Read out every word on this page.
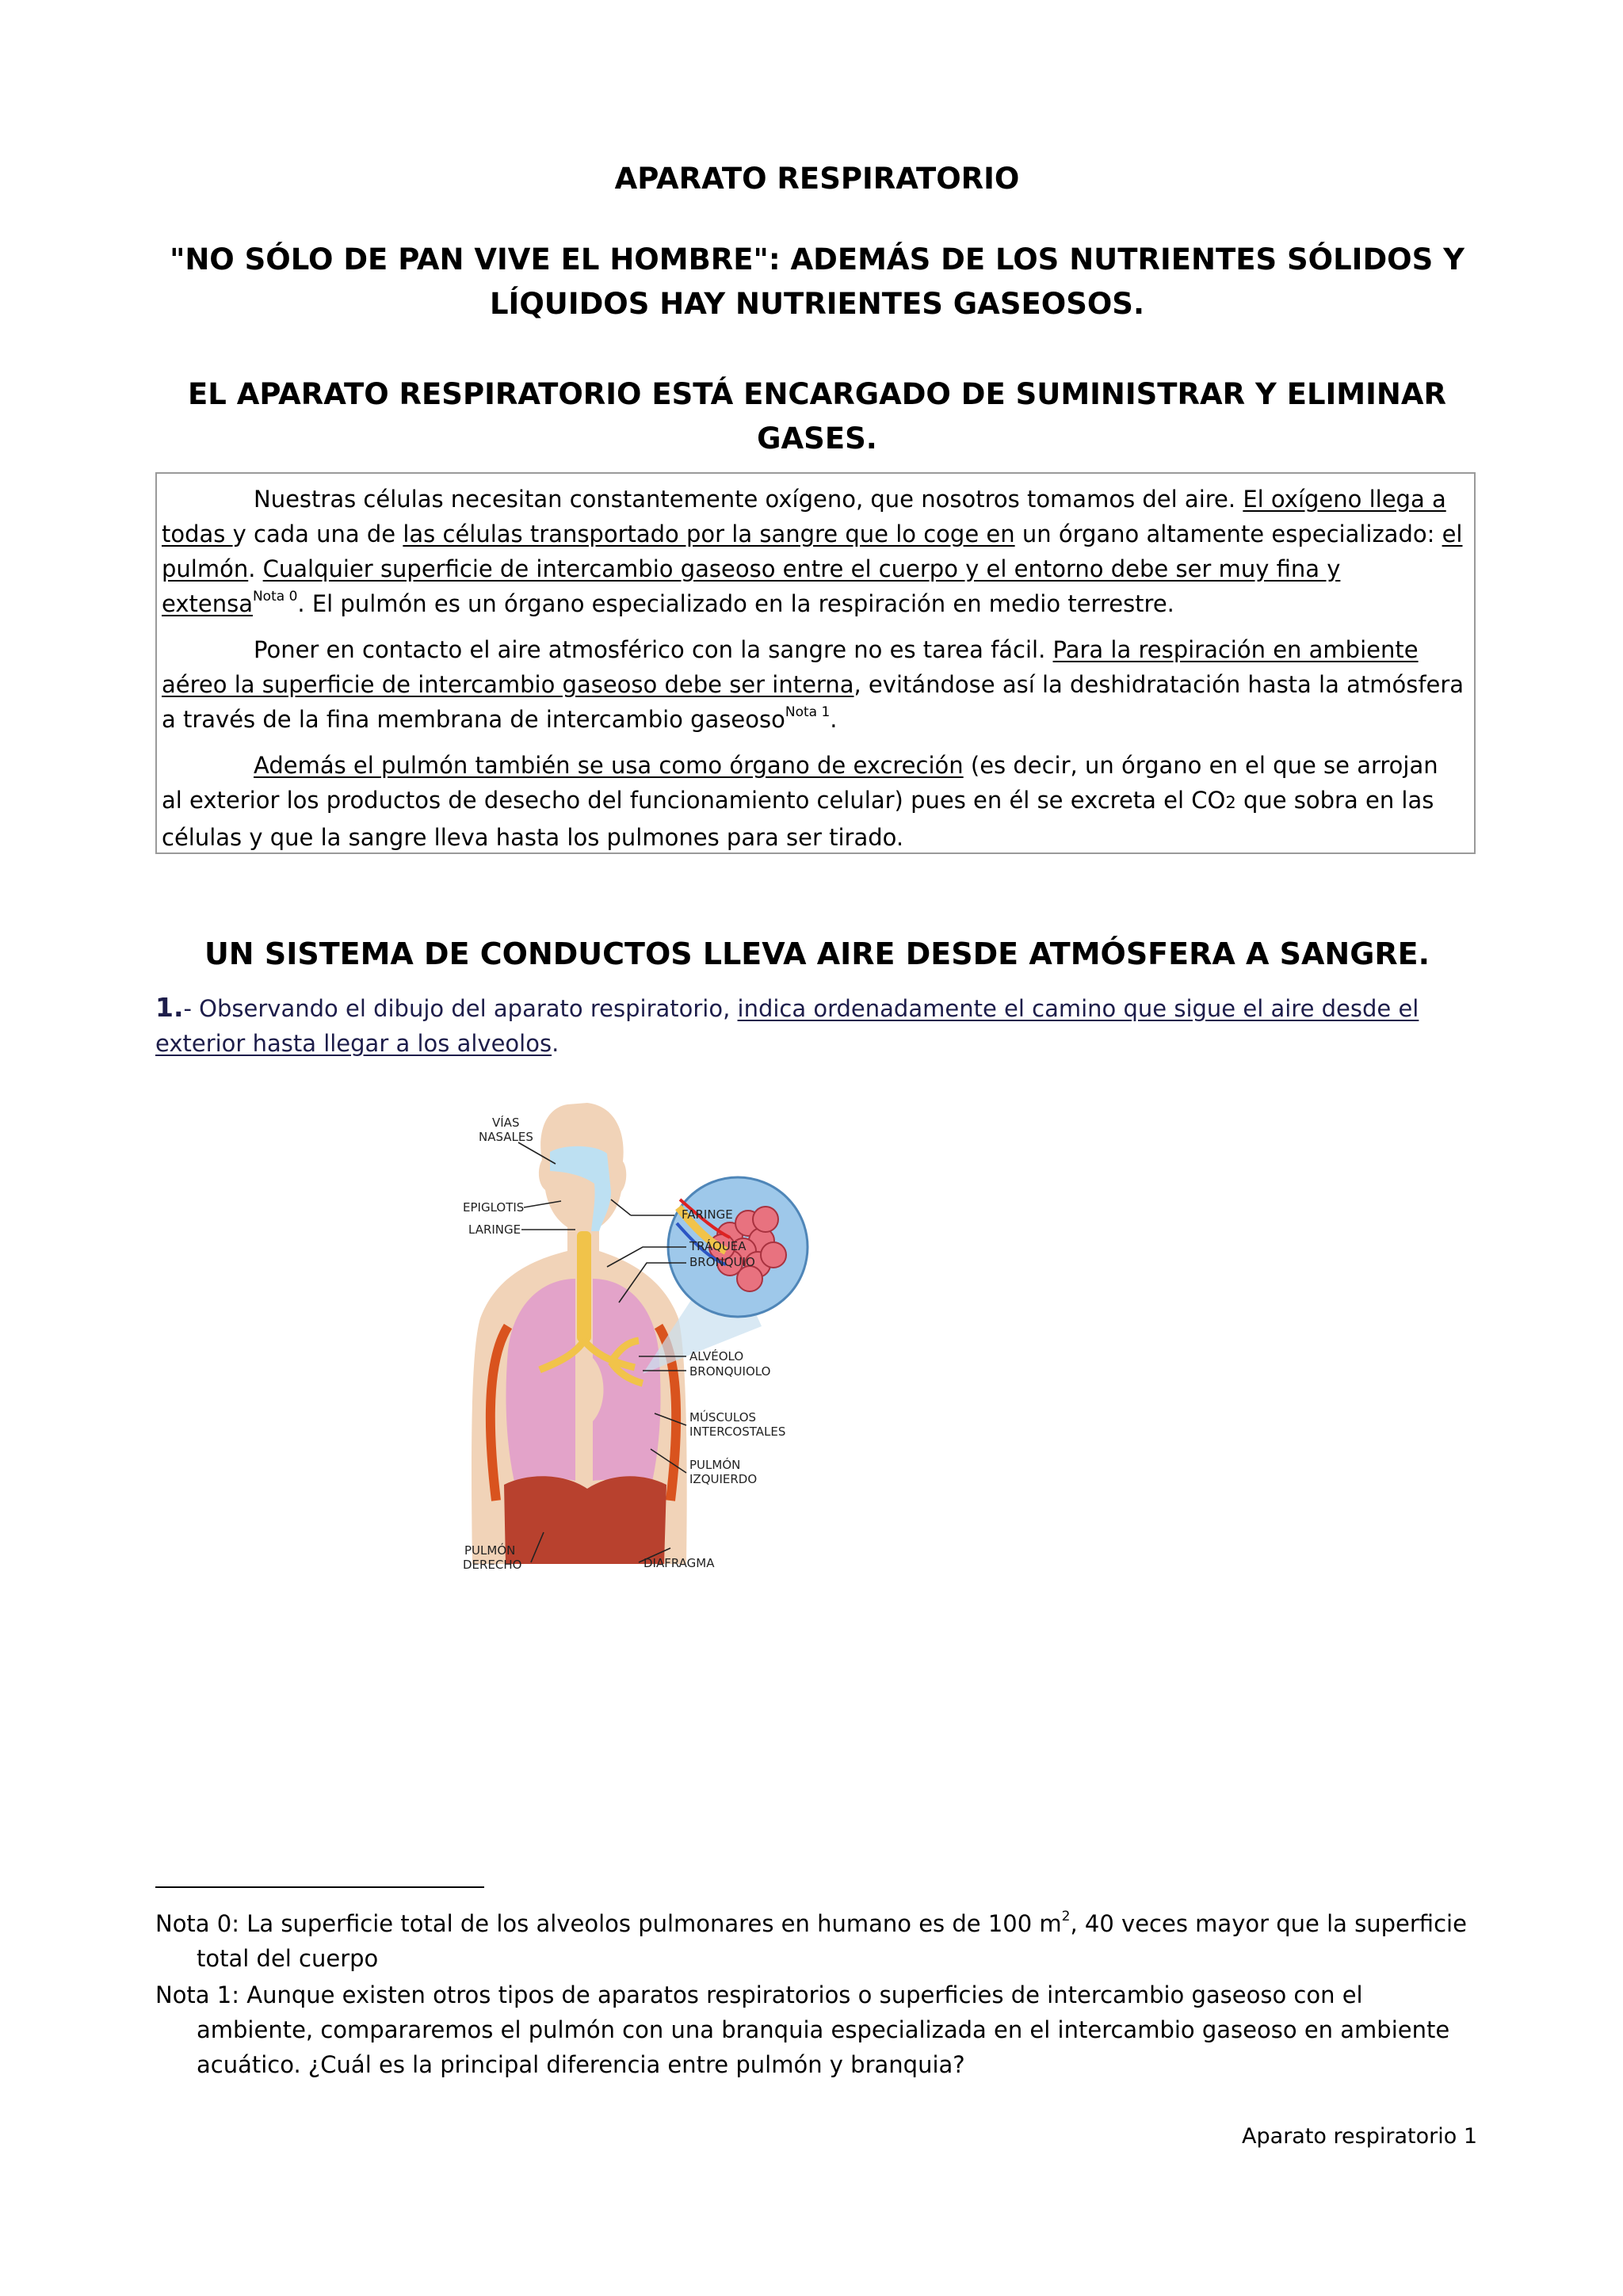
APARATO RESPIRATORIO
"NO SÓLO DE PAN VIVE EL HOMBRE": ADEMÁS DE LOS NUTRIENTES SÓLIDOS Y LÍQUIDOS HAY NUTRIENTES GASEOSOS.
EL APARATO RESPIRATORIO ESTÁ ENCARGADO DE SUMINISTRAR Y ELIMINAR GASES.

Nuestras células necesitan constantemente oxígeno, que nosotros tomamos del aire. El oxígeno llega a todas y cada una de las células transportado por la sangre que lo coge en un órgano altamente especializado: el pulmón. Cualquier superficie de intercambio gaseoso entre el cuerpo y el entorno debe ser muy fina y extensa$^{Nota 0}$. El pulmón es un órgano especializado en la respiración en medio terrestre.

Poner en contacto el aire atmosférico con la sangre no es tarea fácil. Para la respiración en ambiente aéreo la superficie de intercambio gaseoso debe ser interna, evitándose así la deshidratación hasta la atmósfera a través de la fina membrana de intercambio gaseoso$^{Nota 1}$.

Además el pulmón también se usa como órgano de excreción (es decir, un órgano en el que se arrojan al exterior los productos de desecho del funcionamiento celular) pues en él se excreta el CO2 que sobra en las células y que la sangre lleva hasta los pulmones para ser tirado.

UN SISTEMA DE CONDUCTOS LLEVA AIRE DESDE ATMÓSFERA A SANGRE.

1.- Observando el dibujo del aparato respiratorio, indica ordenadamente el camino que sigue el aire desde el exterior hasta llegar a los alveolos.

VÍAS
NASALES
EPIGLOTIS
LARINGE
FARINGE
TRÁQUEA
BRONQUIO
ALVÉOLO
BRONQUIOLO
MÚSCULOS
INTERCOSTALES
PULMÓN
IZQUIERDO
PULMÓN
DERECHO	DIAFRAGMA

Nota 0: La superficie total de los alveolos pulmonares en humano es de 100 $m^2$, 40 veces mayor que la superficie total del cuerpo

Nota 1: Aunque existen otros tipos de aparatos respiratorios o superficies de intercambio gaseoso con el ambiente, compararemos el pulmón con una branquia especializada en el intercambio gaseoso en ambiente acuático. ¿Cuál es la principal diferencia entre pulmón y branquia?

Aparato respiratorio 1
